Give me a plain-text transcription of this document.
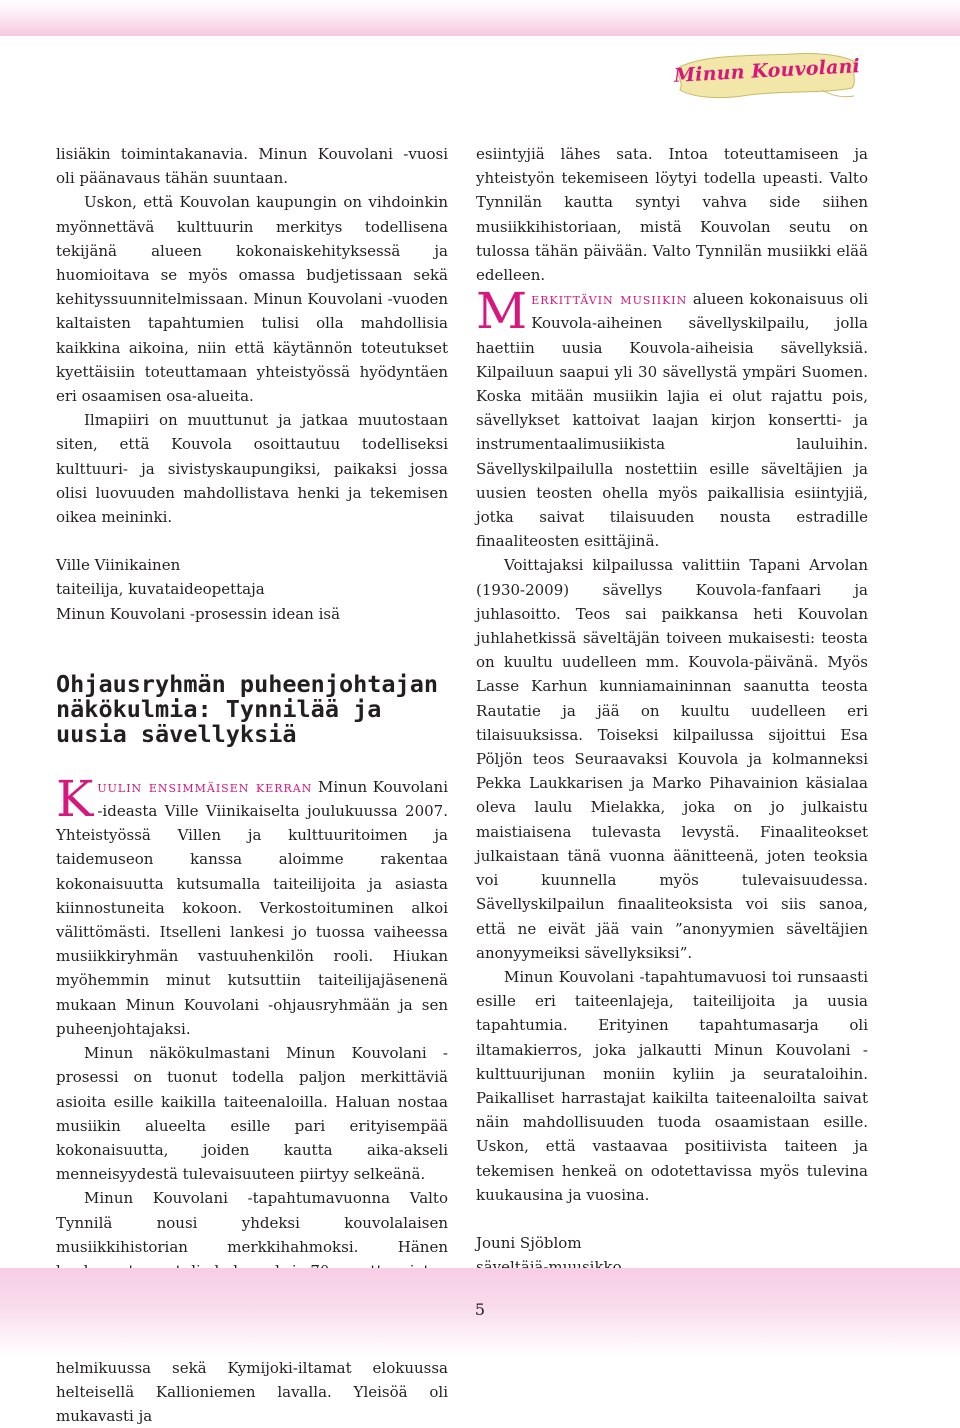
Minun Kouvolani

lisiäkin toimintakanavia. Minun Kouvolani -vuosi oli päänavaus tähän suuntaan.

Uskon, että Kouvolan kaupungin on vihdoinkin myönnettävä kulttuurin merkitys todellisena tekijänä alueen kokonaiskehityksessä ja huomioitava se myös omassa budjetissaan sekä kehityssuunnitelmissaan. Minun Kouvolani -vuoden kaltaisten tapahtumien tulisi olla mahdollisia kaikkina aikoina, niin että käytännön toteutukset kyettäisiin toteuttamaan yhteistyössä hyödyntäen eri osaamisen osa-alueita.

Ilmapiiri on muuttunut ja jatkaa muutostaan siten, että Kouvola osoittautuu todelliseksi kulttuuri- ja sivistyskaupungiksi, paikaksi jossa olisi luovuuden mahdollistava henki ja tekemisen oikea meininki.

Ville Viinikainen
taiteilija, kuvataideopettaja
Minun Kouvolani -prosessin idean isä
Ohjausryhmän puheenjohtajan näkökulmia: Tynnilää ja uusia sävellyksiä

Kuulin ensimmäisen kerran Minun Kouvolani -ideasta Ville Viinikaiselta joulukuussa 2007. Yhteistyössä Villen ja kulttuuritoimen ja taidemuseon kanssa aloimme rakentaa kokonaisuutta kutsumalla taiteilijoita ja asiasta kiinnostuneita kokoon. Verkostoituminen alkoi välittömästi. Itselleni lankesi jo tuossa vaiheessa musiikkiryhmän vastuuhenkilön rooli. Hiukan myöhemmin minut kutsuttiin taiteilijajäsenenä mukaan Minun Kouvolani -ohjausryhmään ja sen puheenjohtajaksi.

Minun näkökulmastani Minun Kouvolani -prosessi on tuonut todella paljon merkittäviä asioita esille kaikilla taiteenaloilla. Haluan nostaa musiikin alueelta esille pari erityisempää kokonaisuutta, joiden kautta aika-akseli menneisyydestä tulevaisuuteen piirtyy selkeänä.

Minun Kouvolani -tapahtumavuonna Valto Tynnilä nousi yhdeksi kouvolalaisen musiikkihistorian merkkihahmoksi. Hänen helmikuussa sekä Kymijoki-iltamat elokuussa helteisellä Kallioniemen lavalla. Yleisöä oli mukavasti ja

esiintyjiä lähes sata. Intoa toteuttamiseen ja yhteistyön tekemiseen löytyi todella upeasti. Valto Tynnilän kautta syntyi vahva side siihen musiikkihistoriaan, mistä Kouvolan seutu on tulossa tähän päivään. Valto Tynnilän musiikki elää edelleen.

Merkittävin musiikin alueen kokonaisuus oli Kouvola-aiheinen sävellyskilpailu, jolla haettiin uusia Kouvola-aiheisia sävellyksiä. Kilpailuun saapui yli 30 sävellystä ympäri Suomen. Koska mitään musiikin lajia ei olut rajattu pois, sävellykset kattoivat laajan kirjon konsertti- ja instrumentaalimusiikista lauluihin. Sävellyskilpailulla nostettiin esille säveltäjien ja uusien teosten ohella myös paikallisia esiintyjiä, jotka saivat tilaisuuden nousta estradille finaaliteosten esittäjinä.

Voittajaksi kilpailussa valittiin Tapani Arvolan (1930-2009) sävellys Kouvola-fanfaari ja juhlasoitto. Teos sai paikkansa heti Kouvolan juhlahetkissä säveltäjän toiveen mukaisesti: teosta on kuultu uudelleen mm. Kouvola-päivänä. Myös Lasse Karhun kunniamaininnan saanutta teosta Rautatie ja jää on kuultu uudelleen eri tilaisuuksissa. Toiseksi kilpailussa sijoittui Esa Pöljön teos Seuraavaksi Kouvola ja kolmanneksi Pekka Laukkarisen ja Marko Pihavainion käsialaa oleva laulu Mielakka, joka on jo julkaistu maistiaisena tulevasta levystä. Finaaliteokset julkaistaan tänä vuonna äänitteenä, joten teoksia voi kuunnella myös tulevaisuudessa. Sävellyskilpailun finaaliteoksista voi siis sanoa, että ne eivät jää vain ”anonyymien säveltäjien anonyymeiksi sävellyksiksi”.

Minun Kouvolani -tapahtumavuosi toi runsaasti esille eri taiteenlajeja, taiteilijoita ja uusia tapahtumia. Erityinen tapahtumasarja oli iltamakierros, joka jalkautti Minun Kouvolani -kulttuurijunan moniin kyliin ja seurataloihin. Paikalliset harrastajat kaikilta taiteenaloilta saivat näin mahdollisuuden tuoda osaamistaan esille. Uskon, että vastaavaa positiivista taiteen ja tekemisen henkeä on odotettavissa myös tulevina kuukausina ja vuosina.

Jouni Sjöblom
5
